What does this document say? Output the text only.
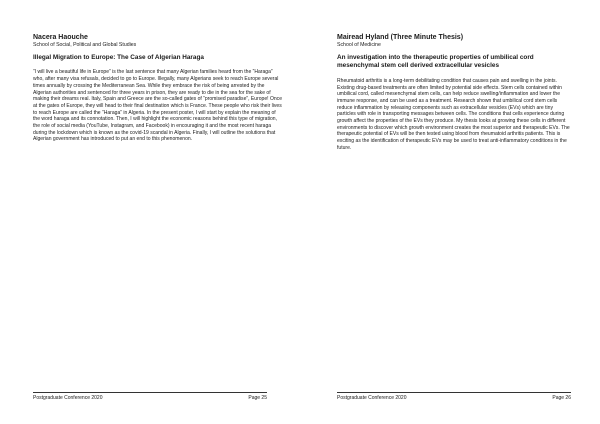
Nacera Haouche

School of Social, Political and Global Studies

Illegal Migration to Europe: The Case of Algerian Haraga

“I will live a beautiful life in Europe” is the last sentence that many Algerian families heard from the “Haraga” who, after many visa refusals, decided to go to Europe. Illegally, many Algerians seek to reach Europe several times annually by crossing the Mediterranean Sea. While they embrace the risk of being arrested by the Algerian authorities and sentenced for three years in prison, they are ready to die in the sea for the sake of making their dreams real. Italy, Spain and Greece are the so-called gates of “promised paradise”, Europe! Once at the gates of Europe, they will head to their final destination which is France. These people who risk their lives to reach Europe are called the “Haraga” in Algeria. In the present poster, I will start by explain the meaning of the word haraga and its connotation. Then, I will highlight the economic reasons behind this type of migration, the role of social media (YouTube, Instagram, and Facebook) in encouraging it and the most recent haraga during the lockdown which is known as the covid-19 scandal in Algeria. Finally, I will outline the solutions that Algerian government has introduced to put an end to this phenomenon.

Postgraduate Conference 2020	Page 25

Mairead Hyland (Three Minute Thesis)

School of Medicine

An investigation into the therapeutic properties of umbilical cord mesenchymal stem cell derived extracellular vesicles

Rheumatoid arthritis is a long-term debilitating condition that causes pain and swelling in the joints. Existing drug-based treatments are often limited by potential side effects. Stem cells contained within umbilical cord, called mesenchymal stem cells, can help reduce swelling/inflammation and lower the immune response, and can be used as a treatment. Research shown that umbilical cord stem cells reduce inflammation by releasing components such as extracellular vesicles (EVs) which are tiny particles with role in transporting messages between cells. The conditions that cells experience during growth affect the properties of the EVs they produce. My thesis looks at growing these cells in different environments to discover which growth environment creates the most superior and therapeutic EVs. The therapeutic potential of EVs will be then tested using blood from rheumatoid arthritis patients. This is exciting as the identification of therapeutic EVs may be used to treat anti-inflammatory conditions in the future.

Postgraduate Conference 2020	Page 26
